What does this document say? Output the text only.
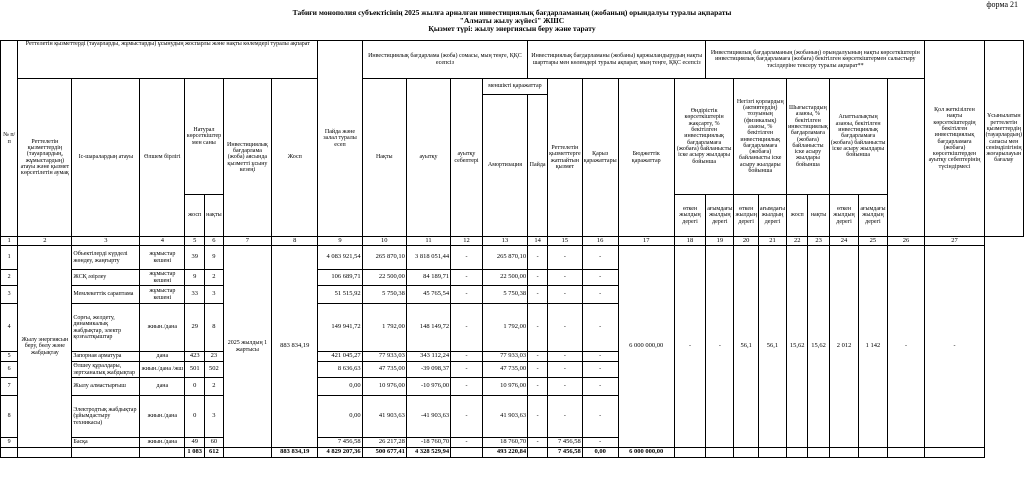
форма 21
Табиғи монополия субъектісінің 2025 жылға арналған инвестициялық бағдарламаның (жобаның) орындалуы туралы ақпараты
"Алматы жылу жүйесі" ЖШС
Қызмет түрі: жылу энергиясын беру және тарату
№ п/п	Реттелетін қызметтерді (тауарларды, жұмыстарды) ұсынудың жоспарлы және нақты көлемдері туралы ақпарат							Пайда және залал туралы есеп	Инвестициялық бағдарлама (жоба) сомасы, мың теңге, ҚҚС есепсіз				Инвестициялық бағдарламаны (жобаны) қаржыландырудың нақты шарттары мен көлемдері туралы ақпарат, мың теңге, ҚҚС есепсіз					Инвестициялық бағдарламаның (жобаның) орындалуының нақты көрсеткіштерін инвестициялық бағдарламаға (жобаға) бекітілген көрсеткіштермен салыстыру тәсілдеріне тексеру туралы ақпарат**								Қол жеткізілген нақты көрсеткіштердің бекітілген инвестициялық бағдарламаға (жобаға) көрсеткіштерден ауытқу себептерінің түсіндірмесі	Ұсынылатын реттелетін қызметтердің (тауарлардың) сапасы мен сенімділігінің жоғарылауын бағалау
	Реттелетін қызметтердің (тауарлардың, жұмыстардың) атауы және қызмет көрсетілетін аумақ	Іс-шаралардың атауы	Өлшем бірлігі	Натурал көрсеткіштер мен саны		Инвестициялық бағдарлама (жоба) аясында қызметті ұсыну кезеңі	Жосп		Нақты	ауытқу	ауытқу себептері	меншікті қаражаттар		Реттелетін қызметтерге жатпайтын қызмет	Қарыз қаражаттары	Бюджеттік қаражаттар	Өндірістік көрсеткіштерін жақсарту, % бекітілген инвестициялық бағдарламаға (жобаға) байланысты іске асыру жылдары бойынша		Негізгі қорлардың (активтердің) тозуының (физикалық) азаюы, % бекітілген инвестициялық бағдарламаға (жобаға) байланысты іске асыру жылдары бойынша		Шығыстардың азаюы, % бекітілген инвестициялық бағдарламаға (жобаға) байланысты іске асыру жылдары бойынша		Апаттылықтың азаюы, бекітілген инвестициялық бағдарламаға (жобаға) байланысты іске асыру жылдары бойынша				
												Амортизация	Пайда														
				жосп	нақты												өткен жылдың дерегі	ағымдағы жылдың дерегі	өткен жылдың дерегі	ағымдағы жылдың дерегі	жосп	нақты	өткен жылдың дерегі	ағымдағы жылдың дерегі			
1	2	3	4	5	6	7	8	9	10	11	12	13	14	15	16	17	18	19	20	21	22	23	24	25	26	27	
1	Жылу энергиясын беру, бөлу және жабдықтау	Объектілерді күрделі жөндеу, жаңғырту	жұмыстар кешені	39	9	2025 жылдың 1 жартысы	883 834,19	4 083 921,54	265 870,10	3 818 051,44	-	265 870,10	-	-	-	6 000 000,00	-	-	56,1	56,1	15,62	15,62	2 012	1 142	-	-	
2		ЖСҚ әзірлеу	жұмыстар кешені	9	2			106 689,71	22 500,00	84 189,71	-	22 500,00	-	-	-												
3		Мемлекеттік сараптама	жұмыстар кешені	33	3			51 515,92	5 750,38	45 765,54	-	5 750,38	-	-	-												
4		Сорғы, желдету, динамикалық жабдықтар, электр қозғалтқыштар	жиын./дана	29	8			149 941,72	1 792,00	148 149,72	-	1 792,00	-	-	-												
5		Запорная арматура	дана	423	23			421 045,27	77 933,03	343 112,24	-	77 933,03	-	-	-												
6		Өлшеу құралдары, зертханалық жабдықтар	жиын./дана /жш	501	502			8 636,63	47 735,00	-39 098,37	-	47 735,00	-	-	-												
7		Жылу алмастырғыш	дана	0	2			0,00	10 976,00	-10 976,00	-	10 976,00	-	-	-												
8		Электродтық жабдықтар (ұйымдастыру техникасы)	жиын./дана	0	3			0,00	41 903,63	-41 903,63	-	41 903,63	-	-	-												
9		Басқа	жиын./дана	49	60			7 456,58	26 217,28	-18 760,70	-	18 760,70	-	7 456,58	-												
				1 083	612		883 834,19	4 829 207,36	500 677,41	4 328 529,94		493 220,84		7 456,58	0,00	6 000 000,00											
